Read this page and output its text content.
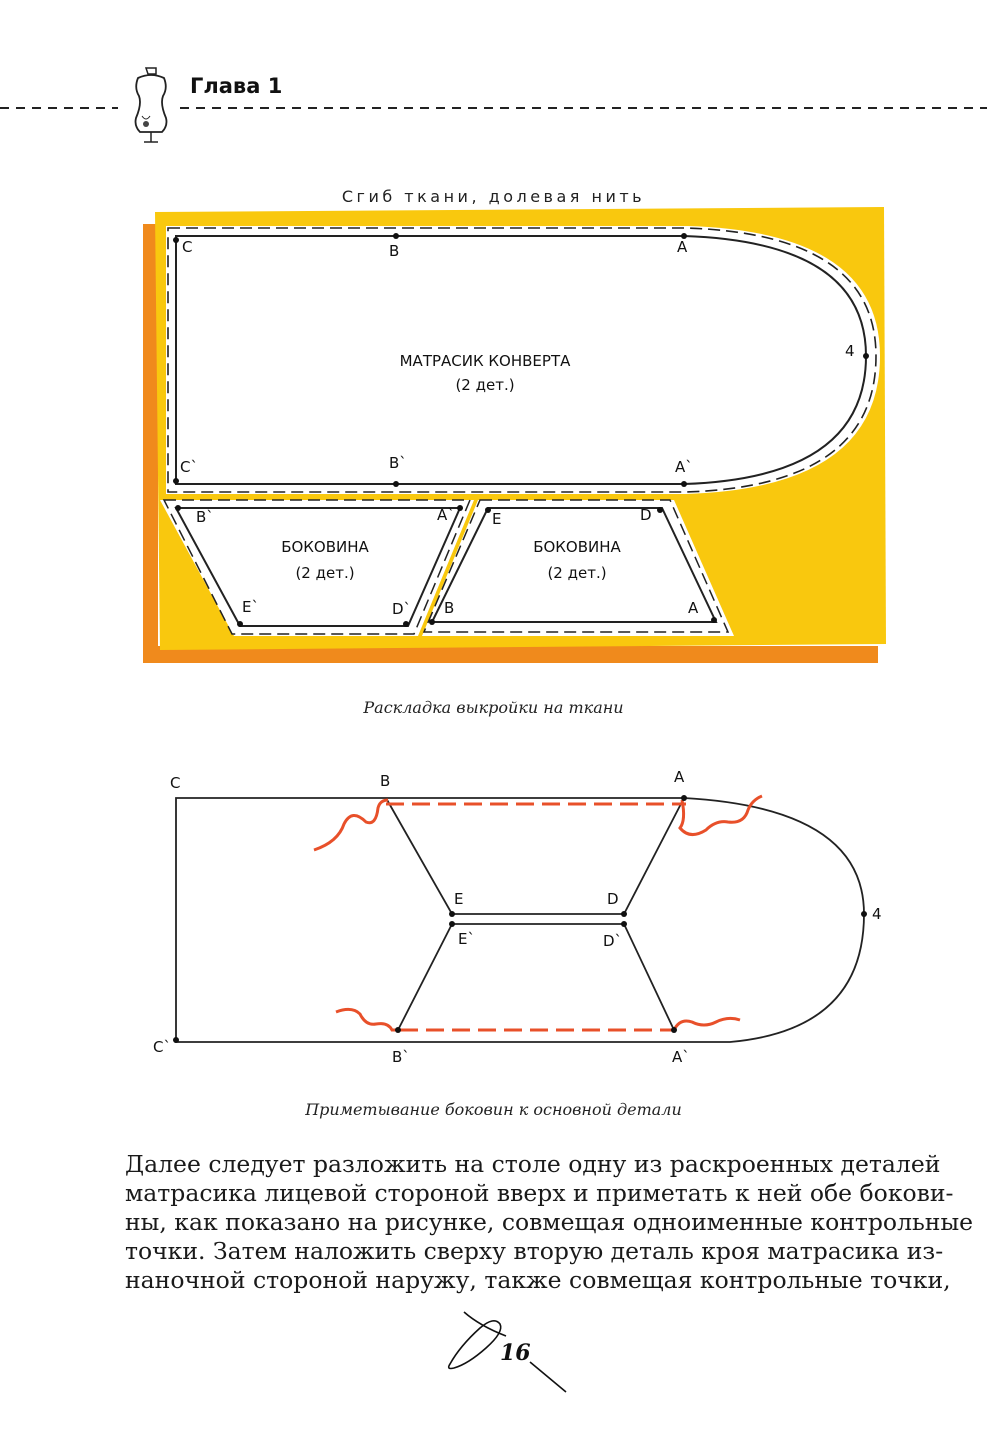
Глава 1
Сгиб ткани, долевая нить
C	B	A
4
C`	B`	A`
B`	A`
E`	D`
E	D
B	A
МАТРАСИК КОНВЕРТА
(2 дет.)
БОКОВИНА
(2 дет.)
БОКОВИНА
(2 дет.)
Раскладка выкройки на ткани
C	B	A
4
E	D
E`	D`
C`
B`	A`
Приметывание боковин к основной детали
Далее следует разложить на столе одну из раскроенных деталей
матрасика лицевой стороной вверх и приметать к ней обе бокови-
ны, как показано на рисунке, совмещая одноименные контрольные
точки. Затем наложить сверху вторую деталь кроя матрасика из-
наночной стороной наружу, также совмещая контрольные точки,
16
